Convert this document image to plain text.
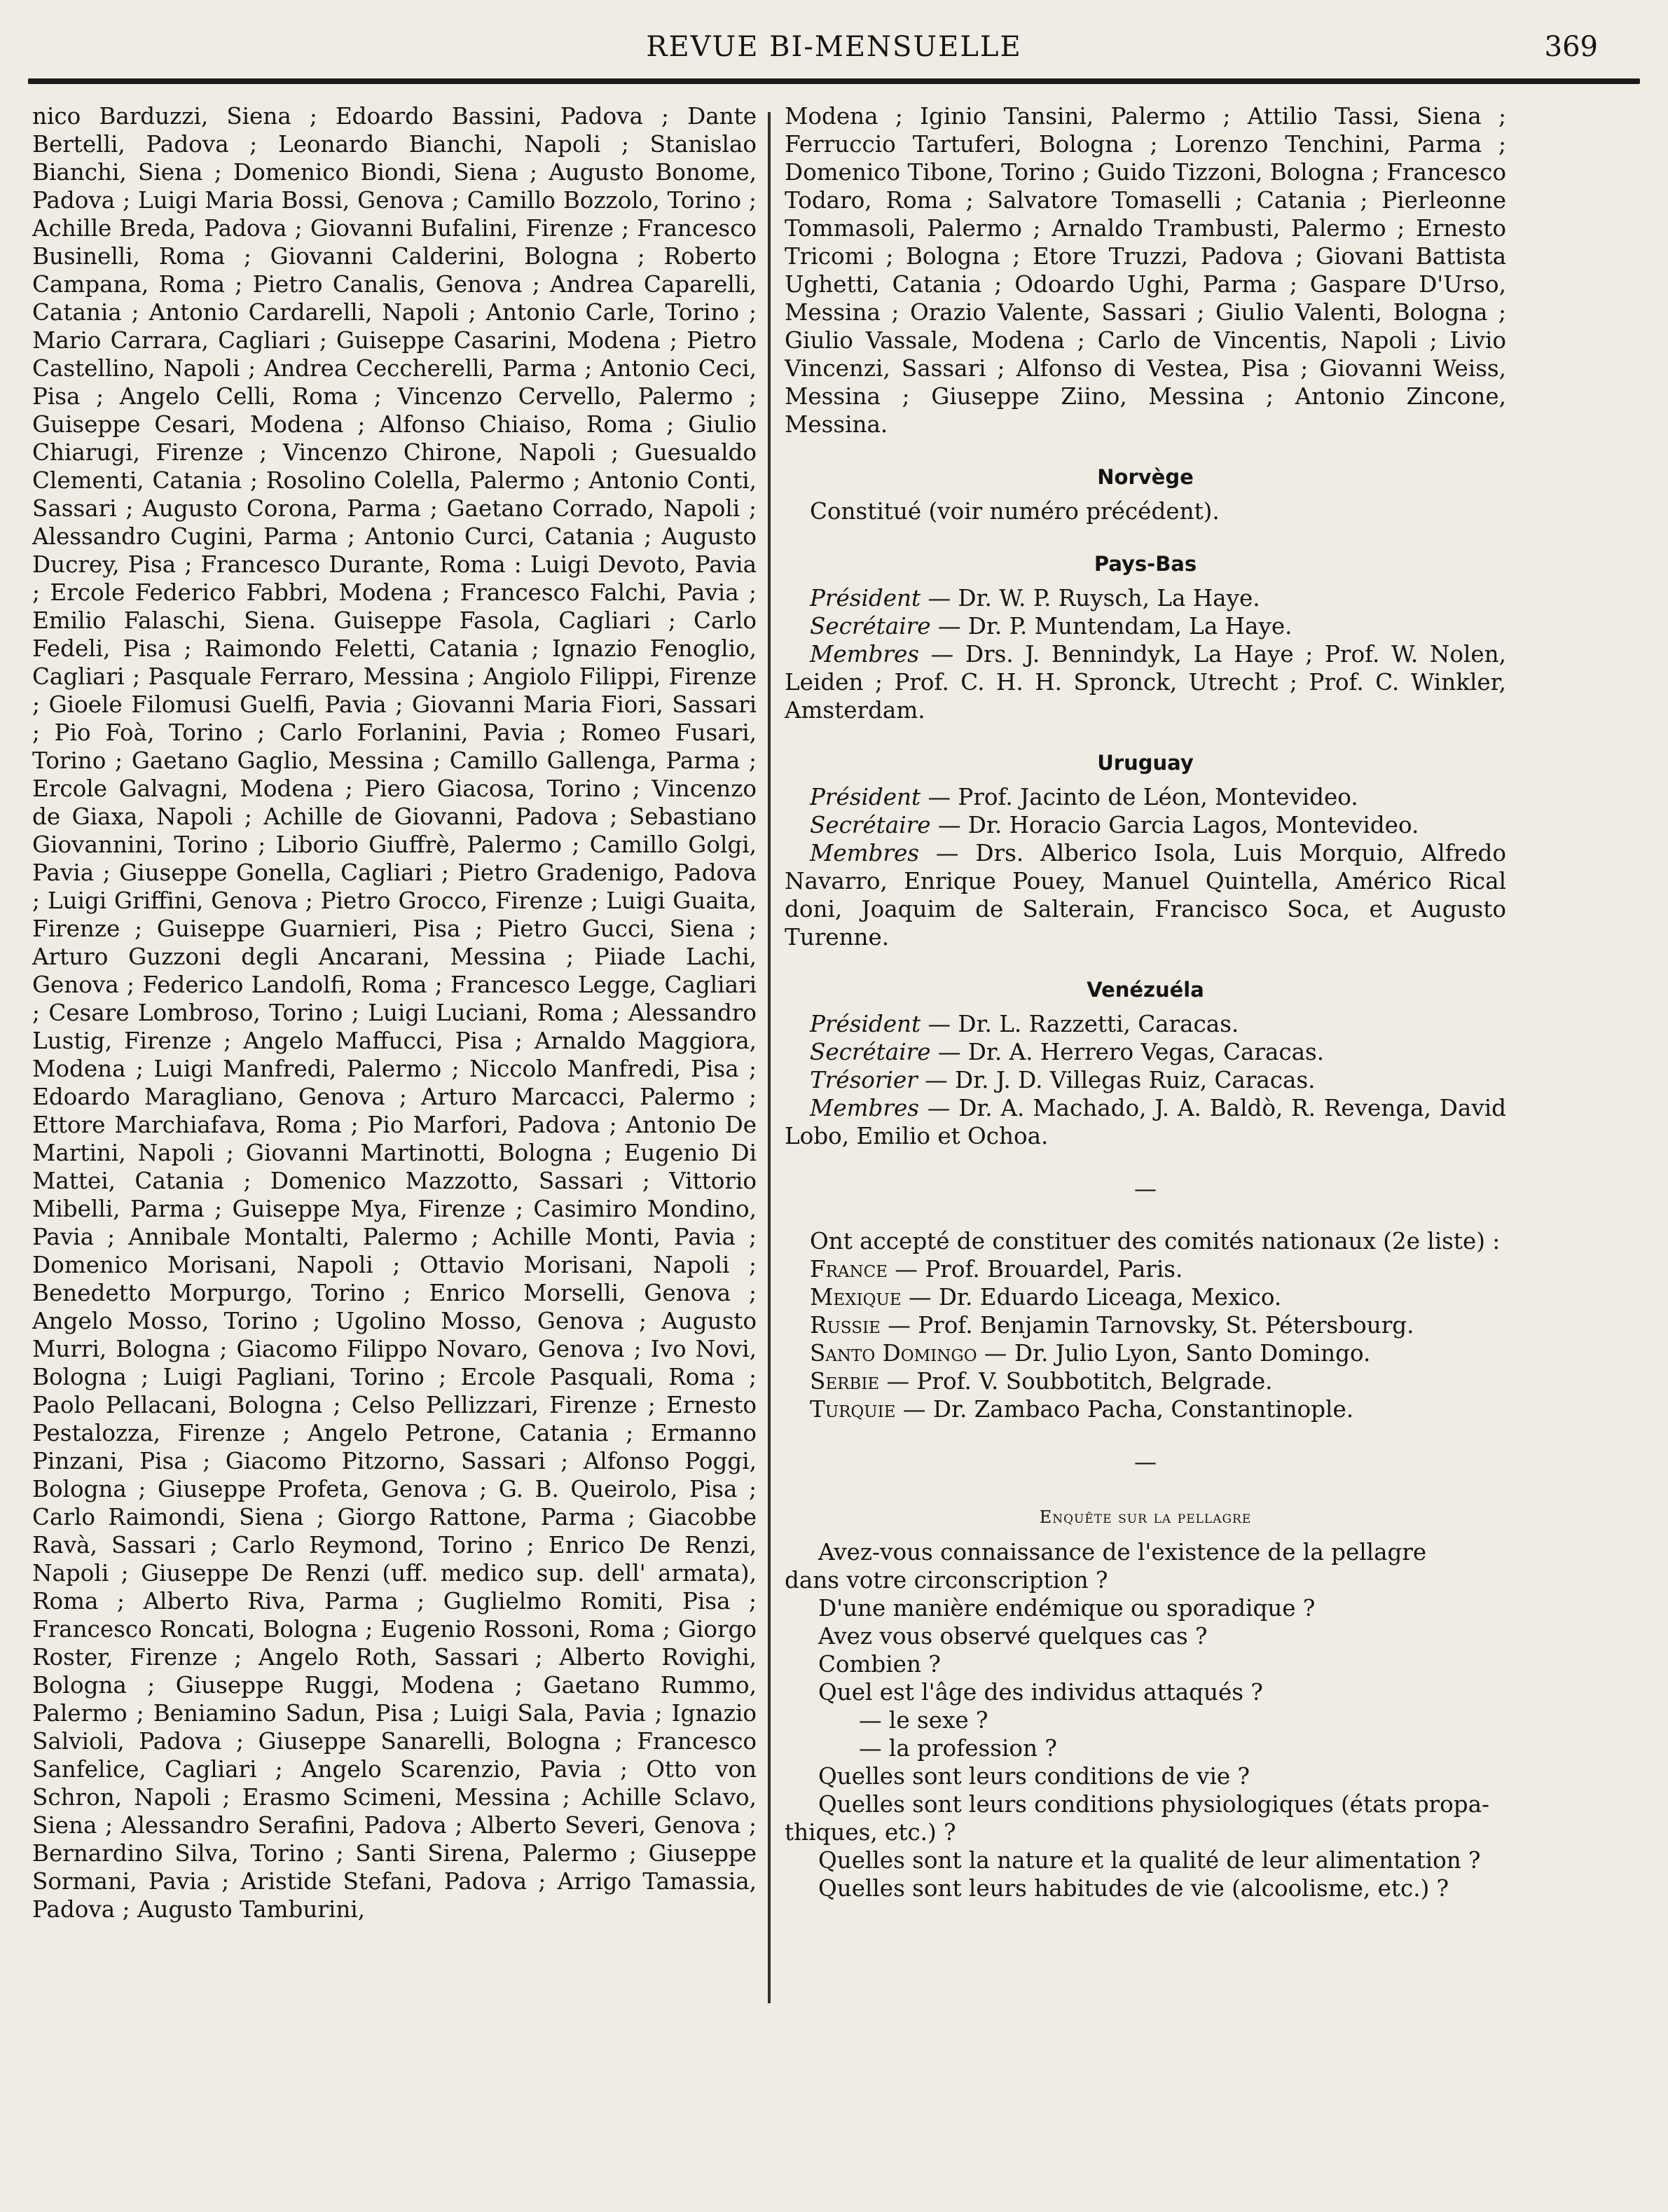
REVUE BI-MENSUELLE	369

nico Barduzzi, Siena ; Edoardo Bassini, Padova ; Dante Bertelli, Padova ; Leonardo Bianchi, Napoli ; Stanislao Bianchi, Siena ; Domenico Biondi, Siena ; Augusto Bonome, Padova ; Luigi Maria Bossi, Genova ; Camillo Bozzolo, Torino ; Achille Breda, Padova ; Giovanni Bufalini, Firenze ; Francesco Businelli, Roma ; Giovanni Calderini, Bologna ; Roberto Campana, Roma ; Pietro Canalis, Genova ; Andrea Caparelli, Catania ; Antonio Cardarelli, Napoli ; Antonio Carle, Torino ; Mario Carrara, Cagliari ; Guiseppe Casarini, Modena ; Pietro Castellino, Napoli ; Andrea Ceccherelli, Parma ; Antonio Ceci, Pisa ; Angelo Celli, Roma ; Vincenzo Cervello, Palermo ; Guiseppe Cesari, Modena ; Alfonso Chiaiso, Roma ; Giulio Chiarugi, Firenze ; Vincenzo Chirone, Napoli ; Guesualdo Clementi, Catania ; Rosolino Colella, Palermo ; Antonio Conti, Sassari ; Augusto Corona, Parma ; Gaetano Corrado, Napoli ; Alessandro Cugini, Parma ; Antonio Curci, Catania ; Augusto Ducrey, Pisa ; Francesco Durante, Roma : Luigi Devoto, Pavia ; Ercole Federico Fabbri, Modena ; Francesco Falchi, Pavia ; Emilio Falaschi, Siena. Guiseppe Fasola, Cagliari ; Carlo Fedeli, Pisa ; Raimondo Feletti, Catania ; Ignazio Fenoglio, Cagliari ; Pasquale Ferraro, Messina ; Angiolo Filippi, Firenze ; Gioele Filomusi Guelfi, Pavia ; Giovanni Maria Fiori, Sassari ; Pio Foà, Torino ; Carlo Forlanini, Pavia ; Romeo Fusari, Torino ; Gaetano Gaglio, Messina ; Camillo Gallenga, Parma ; Ercole Galvagni, Modena ; Piero Giacosa, Torino ; Vincenzo de Giaxa, Napoli ; Achille de Giovanni, Padova ; Sebastiano Giovannini, Torino ; Liborio Giuffrè, Palermo ; Camillo Golgi, Pavia ; Giuseppe Gonella, Cagliari ; Pietro Gradenigo, Padova ; Luigi Griffini, Genova ; Pietro Grocco, Firenze ; Luigi Guaita, Firenze ; Guiseppe Guarnieri, Pisa ; Pietro Gucci, Siena ; Arturo Guzzoni degli Ancarani, Messina ; Piiade Lachi, Genova ; Federico Landolfi, Roma ; Francesco Legge, Cagliari ; Cesare Lombroso, Torino ; Luigi Luciani, Roma ; Alessandro Lustig, Firenze ; Angelo Maffucci, Pisa ; Arnaldo Maggiora, Modena ; Luigi Manfredi, Palermo ; Niccolo Manfredi, Pisa ; Edoardo Maragliano, Genova ; Arturo Marcacci, Palermo ; Ettore Marchiafava, Roma ; Pio Marfori, Padova ; Antonio De Martini, Napoli ; Giovanni Martinotti, Bologna ; Eugenio Di Mattei, Catania ; Domenico Mazzotto, Sassari ; Vittorio Mibelli, Parma ; Guiseppe Mya, Firenze ; Casimiro Mondino, Pavia ; Annibale Montalti, Palermo ; Achille Monti, Pavia ; Domenico Morisani, Napoli ; Ottavio Morisani, Napoli ; Benedetto Morpurgo, Torino ; Enrico Morselli, Genova ; Angelo Mosso, Torino ; Ugolino Mosso, Genova ; Augusto Murri, Bologna ; Giacomo Filippo Novaro, Genova ; Ivo Novi, Bologna ; Luigi Pagliani, Torino ; Ercole Pasquali, Roma ; Paolo Pellacani, Bologna ; Celso Pellizzari, Firenze ; Ernesto Pestalozza, Firenze ; Angelo Petrone, Catania ; Ermanno Pinzani, Pisa ; Giacomo Pitzorno, Sassari ; Alfonso Poggi, Bologna ; Giuseppe Profeta, Genova ; G. B. Queirolo, Pisa ; Carlo Raimondi, Siena ; Giorgo Rattone, Parma ; Giacobbe Ravà, Sassari ; Carlo Reymond, Torino ; Enrico De Renzi, Napoli ; Giuseppe De Renzi (uff. medico sup. dell' armata), Roma ; Alberto Riva, Parma ; Guglielmo Romiti, Pisa ; Francesco Roncati, Bologna ; Eugenio Rossoni, Roma ; Giorgo Roster, Firenze ; Angelo Roth, Sassari ; Alberto Rovighi, Bologna ; Giuseppe Ruggi, Modena ; Gaetano Rummo, Palermo ; Beniamino Sadun, Pisa ; Luigi Sala, Pavia ; Ignazio Salvioli, Padova ; Giuseppe Sanarelli, Bologna ; Francesco Sanfelice, Cagliari ; Angelo Scarenzio, Pavia ; Otto von Schron, Napoli ; Erasmo Scimeni, Messina ; Achille Sclavo, Siena ; Alessandro Serafini, Padova ; Alberto Severi, Genova ; Bernardino Silva, Torino ; Santi Sirena, Palermo ; Giuseppe Sormani, Pavia ; Aristide Stefani, Padova ; Arrigo Tamassia, Padova ; Augusto Tamburini,

Modena ; Iginio Tansini, Palermo ; Attilio Tassi, Siena ; Ferruccio Tartuferi, Bologna ; Lorenzo Tenchini, Parma ; Domenico Tibone, Torino ; Guido Tizzoni, Bologna ; Francesco Todaro, Roma ; Salvatore Tomaselli ; Catania ; Pierleonne Tommasoli, Palermo ; Arnaldo Trambusti, Palermo ; Ernesto Tricomi ; Bologna ; Etore Truzzi, Padova ; Giovani Battista Ughetti, Catania ; Odoardo Ughi, Parma ; Gaspare D'Urso, Messina ; Orazio Valente, Sassari ; Giulio Valenti, Bologna ; Giulio Vassale, Modena ; Carlo de Vincentis, Napoli ; Livio Vincenzi, Sassari ; Alfonso di Vestea, Pisa ; Giovanni Weiss, Messina ; Giuseppe Ziino, Messina ; Antonio Zincone, Messina.

Norvège

Constitué (voir numéro précédent).

Pays-Bas
Président — Dr. W. P. Ruysch, La Haye.
Secrétaire — Dr. P. Muntendam, La Haye.
Membres — Drs. J. Bennindyk, La Haye ; Prof. W. Nolen, Leiden ; Prof. C. H. H. Spronck, Utrecht ; Prof. C. Winkler, Amsterdam.
Uruguay
Président — Prof. Jacinto de Léon, Montevideo.
Secrétaire — Dr. Horacio Garcia Lagos, Montevideo.
Membres — Drs. Alberico Isola, Luis Morquio, Alfredo Navarro, Enrique Pouey, Manuel Quintella, Américo Rical doni, Joaquim de Salterain, Francisco Soca, et Augusto Turenne.
Venézuéla
Président — Dr. L. Razzetti, Caracas.
Secrétaire — Dr. A. Herrero Vegas, Caracas.
Trésorier — Dr. J. D. Villegas Ruiz, Caracas.
Membres — Dr. A. Machado, J. A. Baldò, R. Revenga, David Lobo, Emilio et Ochoa.
—

Ont accepté de constituer des comités nationaux (2e liste) :

France — Prof. Brouardel, Paris.
Mexique — Dr. Eduardo Liceaga, Mexico.
Russie — Prof. Benjamin Tarnovsky, St. Pétersbourg.
Santo Domingo — Dr. Julio Lyon, Santo Domingo.
Serbie — Prof. V. Soubbotitch, Belgrade.
Turquie — Dr. Zambaco Pacha, Constantinople.
—
Enquête sur la pellagre

Avez-vous connaissance de l'existence de la pellagre

dans votre circonscription ?

D'une manière endémique ou sporadique ?

Avez vous observé quelques cas ?

Combien ?

Quel est l'âge des individus attaqués ?

— le sexe ?

— la profession ?

Quelles sont leurs conditions de vie ?

Quelles sont leurs conditions physiologiques (états propa-

thiques, etc.) ?

Quelles sont la nature et la qualité de leur alimentation ?

Quelles sont leurs habitudes de vie (alcoolisme, etc.) ?
